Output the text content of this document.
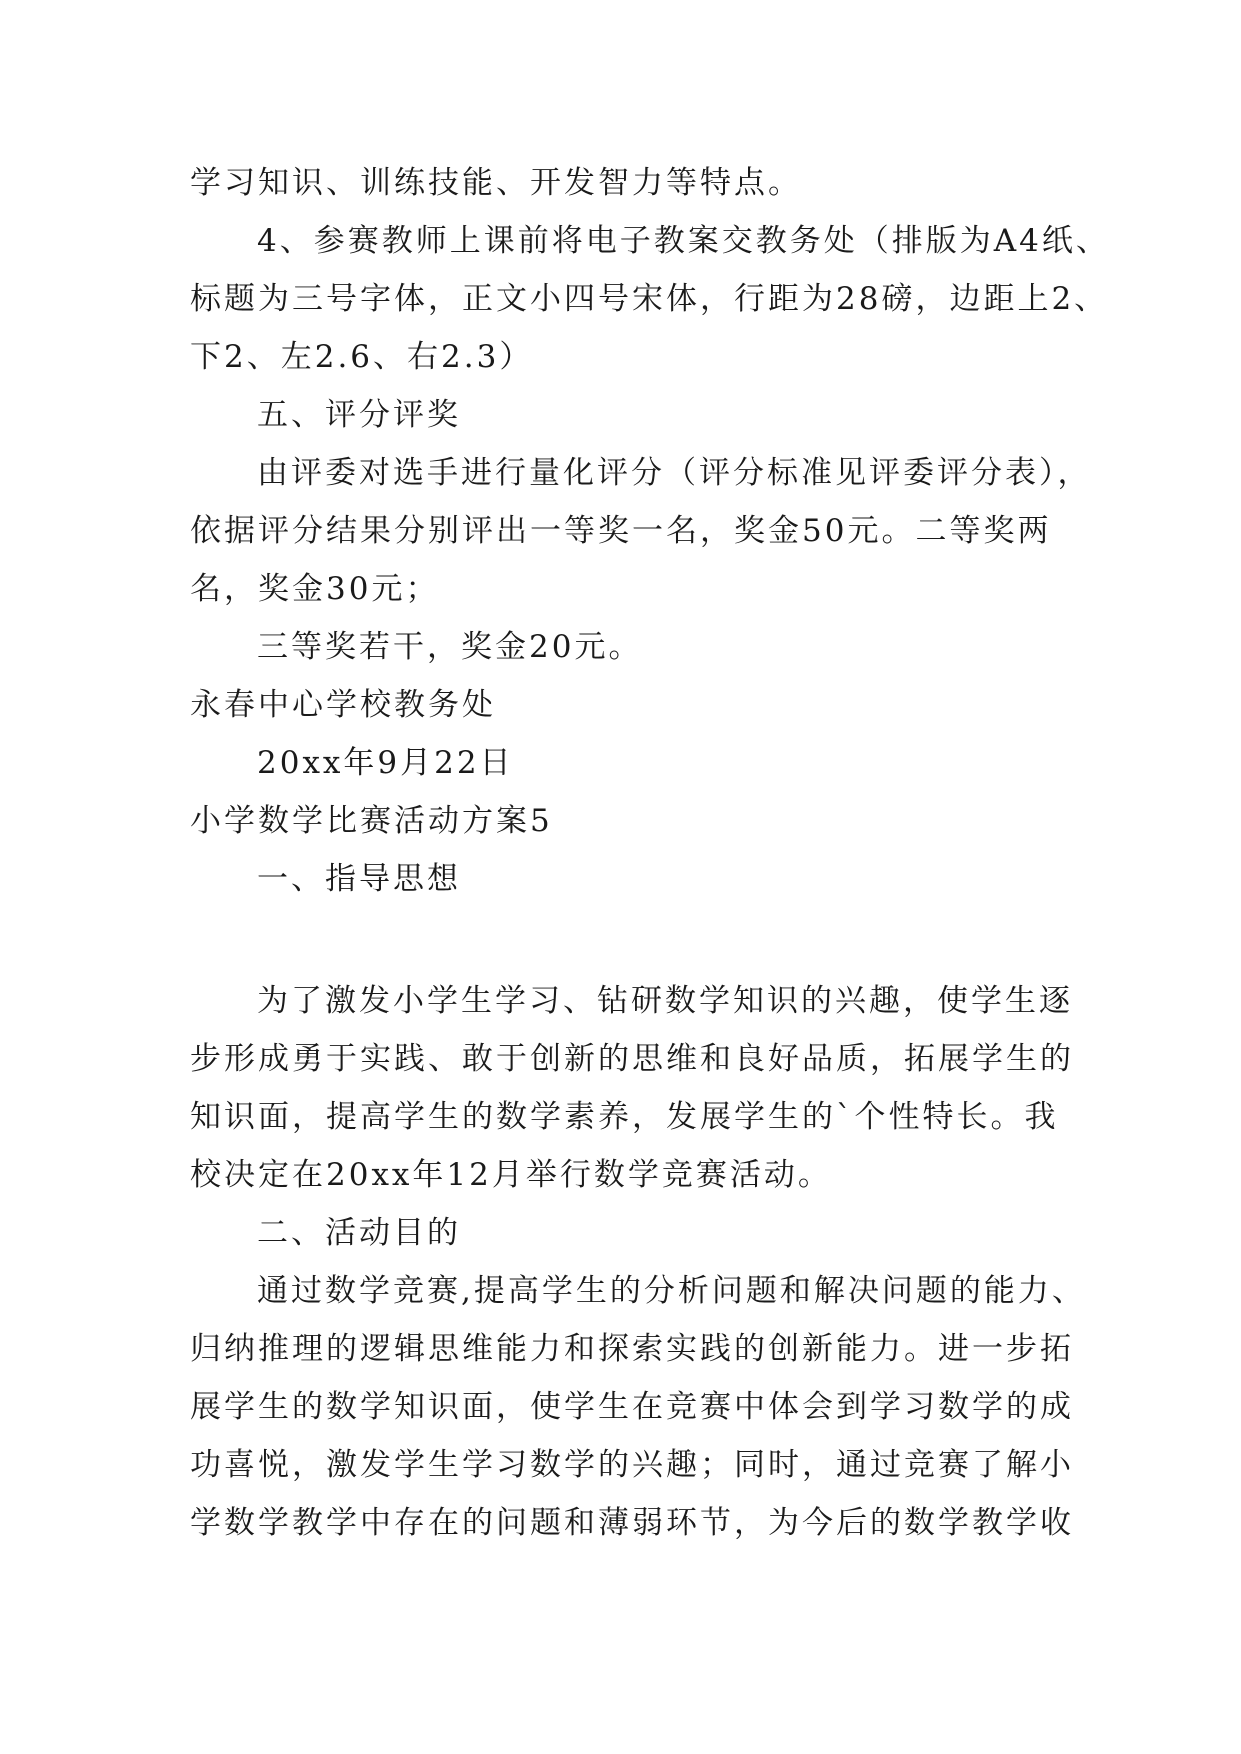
学习知识、训练技能、开发智力等特点。
4、参赛教师上课前将电子教案交教务处（排版为A4纸、
标题为三号字体，正文小四号宋体，行距为28磅，边距上2、
下2、左2.6、右2.3）
五、评分评奖
由评委对选手进行量化评分（评分标准见评委评分表），
依据评分结果分别评出一等奖一名，奖金50元。二等奖两
名，奖金30元；
三等奖若干，奖金20元。
永春中心学校教务处
20xx年9月22日
小学数学比赛活动方案5
一、指导思想
为了激发小学生学习、钻研数学知识的兴趣，使学生逐
步形成勇于实践、敢于创新的思维和良好品质，拓展学生的
知识面，提高学生的数学素养，发展学生的`个性特长。我
校决定在20xx年12月举行数学竞赛活动。
二、活动目的
通过数学竞赛,提高学生的分析问题和解决问题的能力、
归纳推理的逻辑思维能力和探索实践的创新能力。进一步拓
展学生的数学知识面，使学生在竞赛中体会到学习数学的成
功喜悦，激发学生学习数学的兴趣；同时，通过竞赛了解小
学数学教学中存在的问题和薄弱环节，为今后的数学教学收
